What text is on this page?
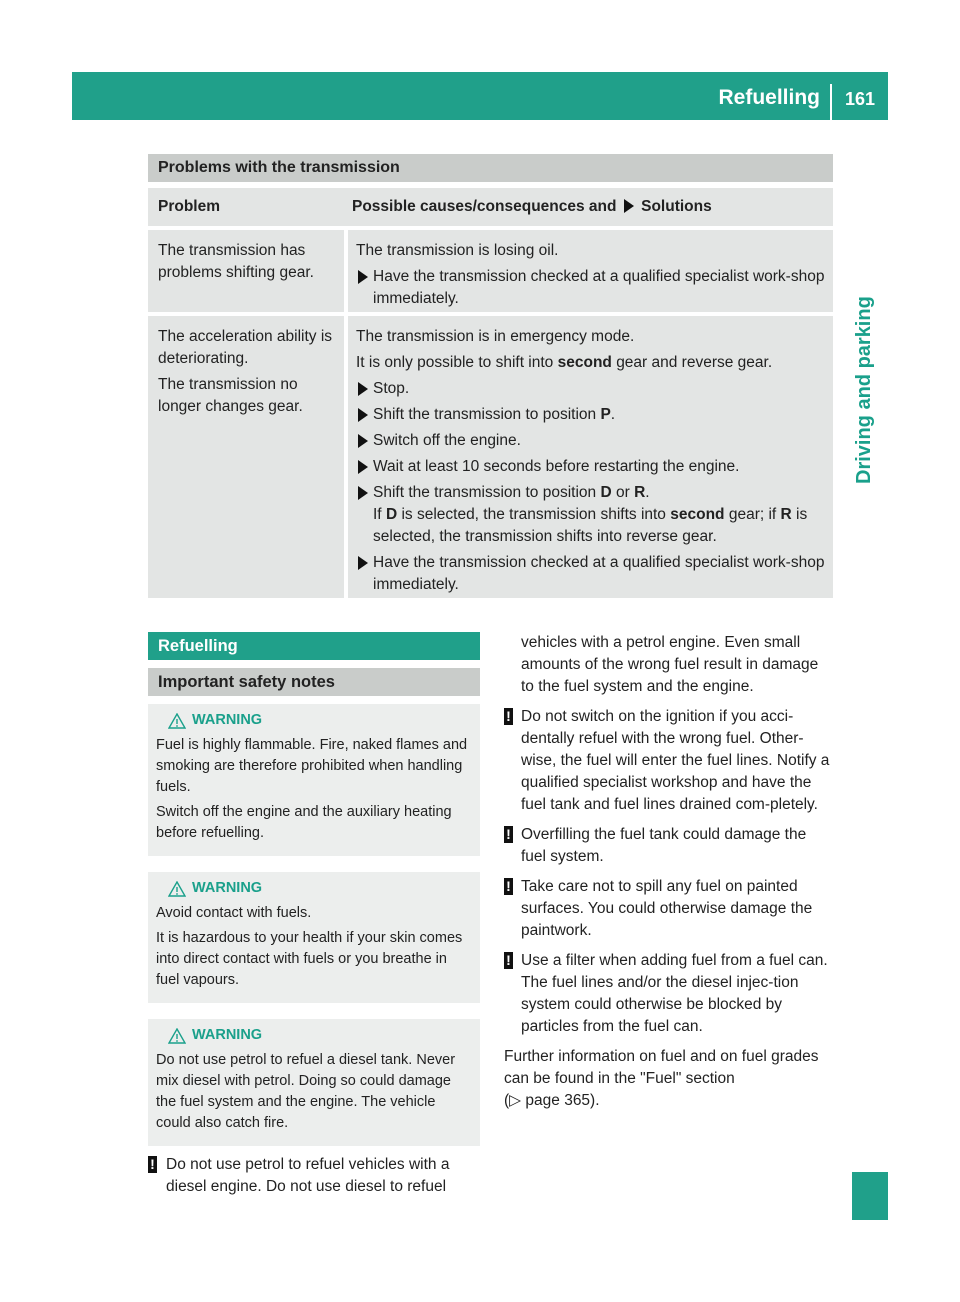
Refuelling	161
Driving and parking
Problems with the transmission
Problem	Possible causes/consequences and Solutions

The transmission has problems shifting gear.

The transmission is losing oil.

Have the transmission checked at a qualified specialist work-shop immediately.

The acceleration ability is deteriorating.

The transmission no longer changes gear.

The transmission is in emergency mode.

It is only possible to shift into second gear and reverse gear.

Stop.
Shift the transmission to position P.
Switch off the engine.
Wait at least 10 seconds before restarting the engine.
Shift the transmission to position D or R.
If D is selected, the transmission shifts into second gear; if R is selected, the transmission shifts into reverse gear.
Have the transmission checked at a qualified specialist work-shop immediately.
Refuelling
Important safety notes
WARNING

Fuel is highly flammable. Fire, naked flames and smoking are therefore prohibited when handling fuels.

Switch off the engine and the auxiliary heating before refuelling.

WARNING

Avoid contact with fuels.

It is hazardous to your health if your skin comes into direct contact with fuels or you breathe in fuel vapours.

WARNING

Do not use petrol to refuel a diesel tank. Never mix diesel with petrol. Doing so could damage the fuel system and the engine. The vehicle could also catch fire.

! Do not use petrol to refuel vehicles with a diesel engine. Do not use diesel to refuel

vehicles with a petrol engine. Even small amounts of the wrong fuel result in damage to the fuel system and the engine.

! Do not switch on the ignition if you acci-dentally refuel with the wrong fuel. Other-wise, the fuel will enter the fuel lines. Notify a qualified specialist workshop and have the fuel tank and fuel lines drained com-pletely.
! Overfilling the fuel tank could damage the fuel system.
! Take care not to spill any fuel on painted surfaces. You could otherwise damage the paintwork.
! Use a filter when adding fuel from a fuel can. The fuel lines and/or the diesel injec-tion system could otherwise be blocked by particles from the fuel can.

Further information on fuel and on fuel grades can be found in the "Fuel" section
(▷ page 365).
